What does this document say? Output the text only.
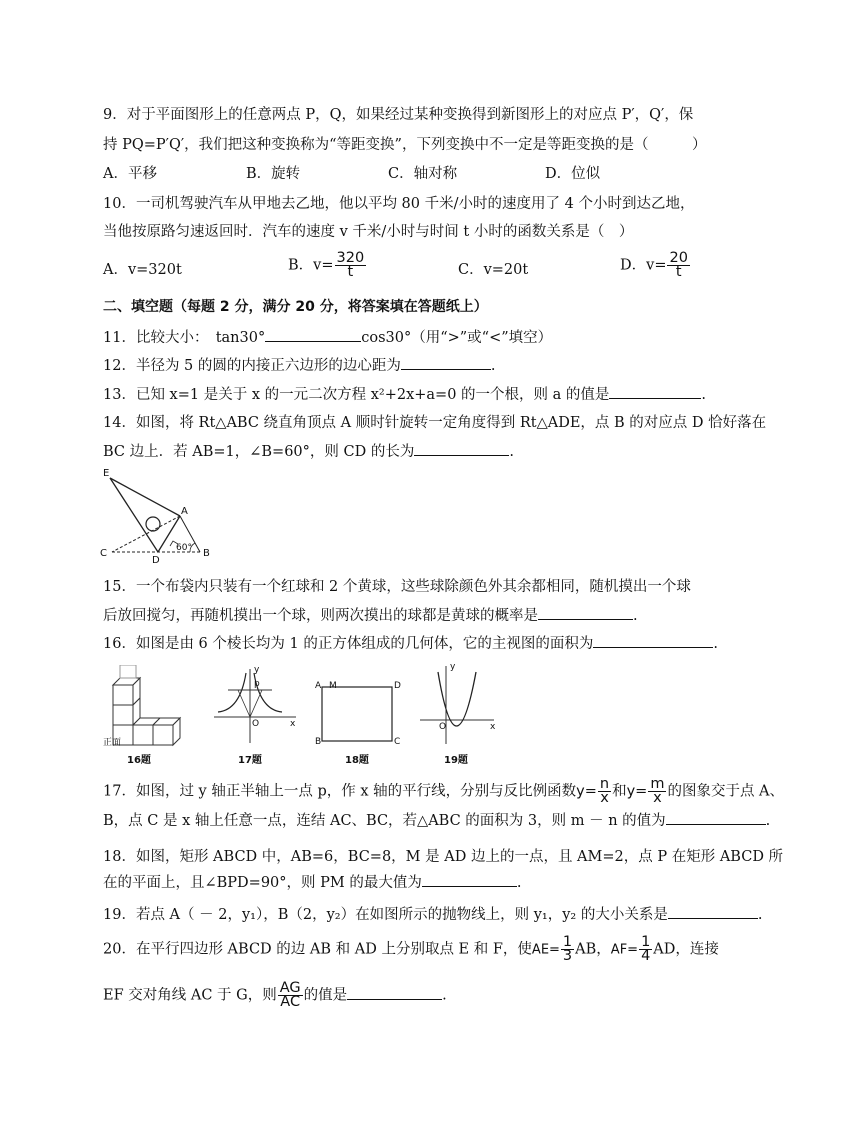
9．对于平面图形上的任意两点 P，Q，如果经过某种变换得到新图形上的对应点 P′，Q′，保
持 PQ=P′Q′，我们把这种变换称为“等距变换”，下列变换中不一定是等距变换的是（　　　）
A．平移	B．旋转	C．轴对称	D．位似
10．一司机驾驶汽车从甲地去乙地，他以平均 80 千米/小时的速度用了 4 个小时到达乙地，
当他按原路匀速返回时．汽车的速度 v 千米/小时与时间 t 小时的函数关系是（　）
A．v=320t	B．$v= \frac{320}{t}$	C．v=20t	D．$v= \frac{20}{t}$
二、填空题（每题 2 分，满分 20 分，将答案填在答题纸上）
11．比较大小：　tan30°	cos30°（用“>”或“<”填空）
12．半径为 5 的圆的内接正六边形的边心距为	.
13．已知 x=1 是关于 x 的一元二次方程 x²+2x+a=0 的一个根，则 a 的值是	.
14．如图，将 Rt△ABC 绕直角顶点 A 顺时针旋转一定角度得到 Rt△ADE，点 B 的对应点 D 恰好落在
BC 边上．若 AB=1，∠B=60°，则 CD 的长为	.
E
A
C
D
B
60°
15．一个布袋内只装有一个红球和 2 个黄球，这些球除颜色外其余都相同，随机摸出一个球
后放回搅匀，再随机摸出一个球，则两次摸出的球都是黄球的概率是	.
16．如图是由 6 个棱长均为 1 的正方体组成的几何体，它的主视图的面积为	.
正面
16题
y
x
O
p
17题
A M	D
B	C
18题
y
x
O
19题
17．如图，过 y 轴正半轴上一点 p，作 x 轴的平行线，分别与反比例函数$y= \frac{n}{x}$ 和$y= \frac{m}{x}$ 的图象交于点 A、
B，点 C 是 x 轴上任意一点，连结 AC、BC，若△ABC 的面积为 3，则 m － n 的值为	.
18．如图，矩形 ABCD 中，AB=6，BC=8，M 是 AD 边上的一点，且 AM=2，点 P 在矩形 ABCD 所
在的平面上，且∠BPD=90°，则 PM 的最大值为	.
19．若点 A（ － 2，y₁），B（2，y₂）在如图所示的抛物线上，则 y₁，y₂ 的大小关系是	.
20．在平行四边形 ABCD 的边 AB 和 AD 上分别取点 E 和 F，使$AE= \frac{1}{3}$ AB，$AF= \frac{1}{4}$ AD，连接
EF 交对角线 AC 于 G，则 $\frac{AG}{AC}$ 的值是	.
